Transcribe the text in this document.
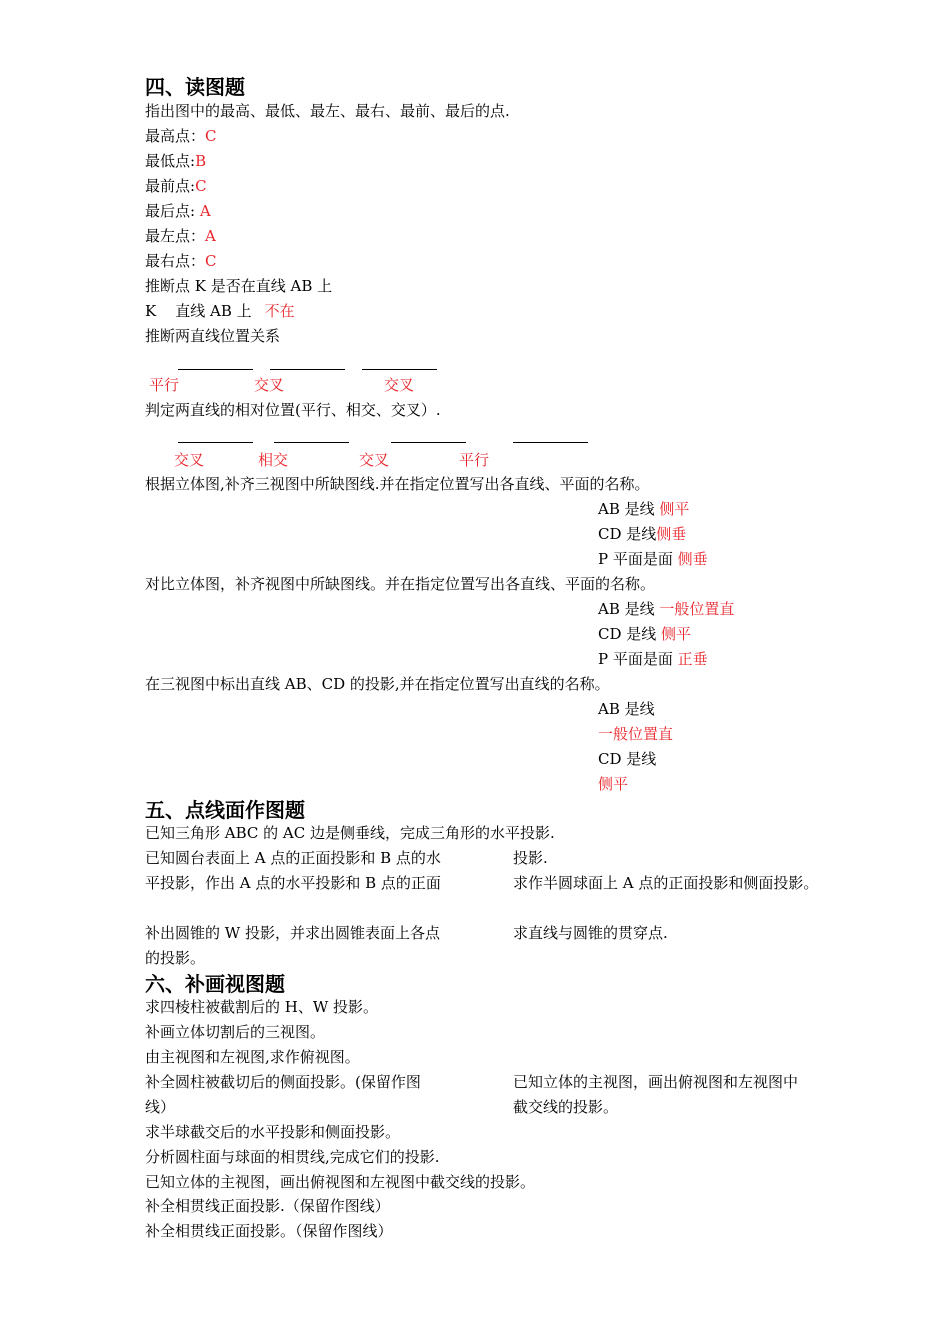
四、读图题
指出图中的最高、最低、最左、最右、最前、最后的点.
最高点：C
最低点:B
最前点:C
最后点: A
最左点：A
最右点：C
推断点 K 是否在直线 AB 上
K    直线 AB 上 不在
推断两直线位置关系
平行	交叉	交叉
判定两直线的相对位置(平行、相交、交叉）.
交叉	相交	交叉	平行
根据立体图,补齐三视图中所缺图线.并在指定位置写出各直线、平面的名称。
AB 是线 侧平
CD 是线侧垂
P 平面是面 侧垂
对比立体图，补齐视图中所缺图线。并在指定位置写出各直线、平面的名称。
AB 是线 一般位置直
CD 是线 侧平
P 平面是面 正垂
在三视图中标出直线 AB、CD 的投影,并在指定位置写出直线的名称。
AB 是线
一般位置直
CD 是线
侧平
五、点线面作图题
已知三角形 ABC 的 AC 边是侧垂线，完成三角形的水平投影.
已知圆台表面上 A 点的正面投影和 B 点的水	投影.
平投影，作出 A 点的水平投影和 B 点的正面	求作半圆球面上 A 点的正面投影和侧面投影。
补出圆锥的 W 投影，并求出圆锥表面上各点	求直线与圆锥的贯穿点.
的投影。
六、补画视图题
求四棱柱被截割后的 H、W 投影。
补画立体切割后的三视图。
由主视图和左视图,求作俯视图。
补全圆柱被截切后的侧面投影。(保留作图	已知立体的主视图，画出俯视图和左视图中
线）	截交线的投影。
求半球截交后的水平投影和侧面投影。
分析圆柱面与球面的相贯线,完成它们的投影.
已知立体的主视图，画出俯视图和左视图中截交线的投影。
补全相贯线正面投影.（保留作图线）
补全相贯线正面投影。（保留作图线）
